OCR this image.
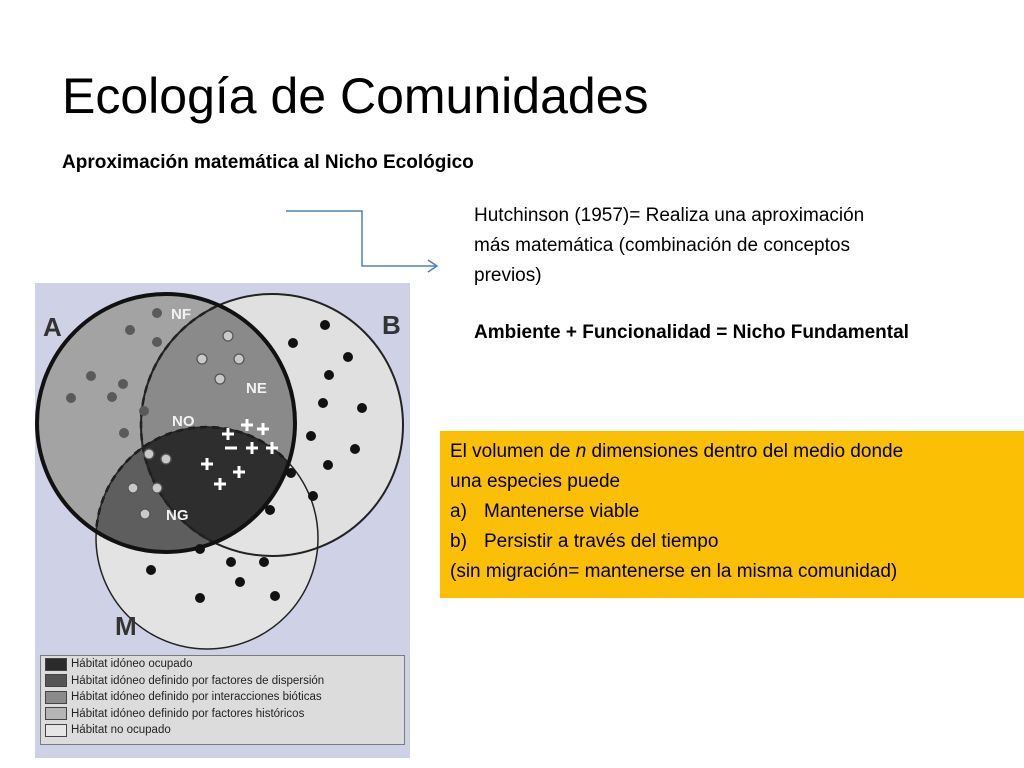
Ecología de Comunidades
Aproximación matemática al Nicho Ecológico

Hutchinson (1957)= Realiza una aproximación

más matemática (combinación de conceptos

previos)

Ambiente + Funcionalidad = Nicho Fundamental
A	B
M
NF
NE
NO
NG
Hábitat idóneo ocupado
Hábitat idóneo definido por factores de dispersión
Hábitat idóneo definido por interacciones bióticas
Hábitat idóneo definido por factores históricos
Hábitat no ocupado

El volumen de n dimensiones dentro del medio donde

una especies puede

a) Mantenerse viable
b) Persistir a través del tiempo

(sin migración= mantenerse en la misma comunidad)
